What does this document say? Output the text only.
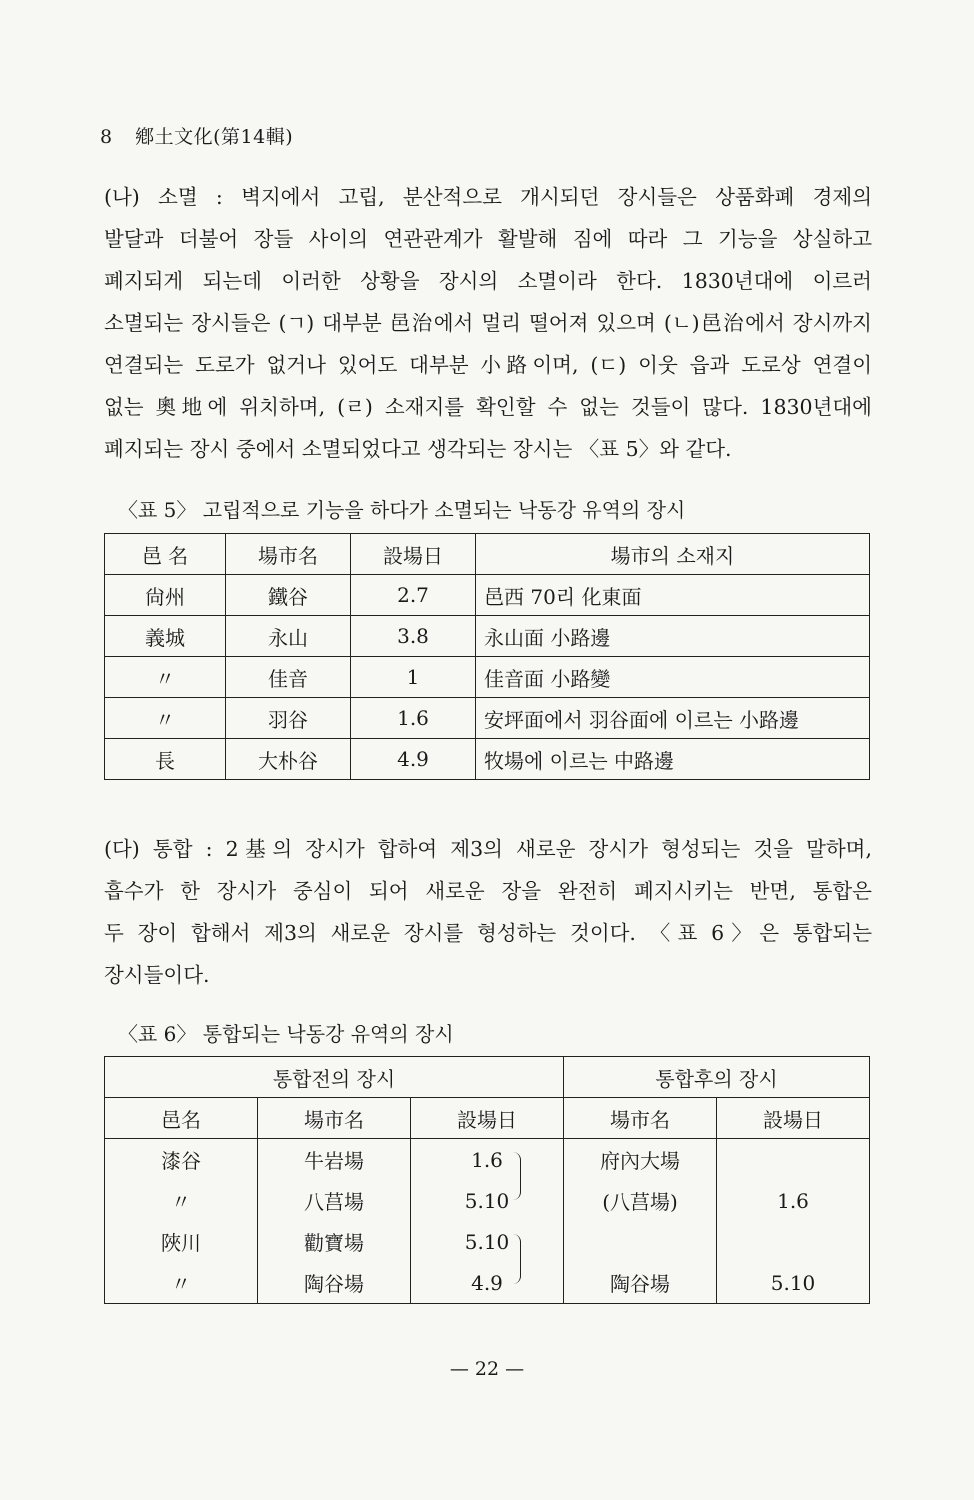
8 鄕土文化(第14輯)
(나) 소멸 : 벽지에서 고립, 분산적으로 개시되던 장시들은 상품화폐 경제의
발달과 더불어 장들 사이의 연관관계가 활발해 짐에 따라 그 기능을 상실하고
폐지되게 되는데 이러한 상황을 장시의 소멸이라 한다. 1830년대에 이르러
소멸되는 장시들은 (ㄱ) 대부분 邑治에서 멀리 떨어져 있으며 (ㄴ)邑治에서 장시까지
연결되는 도로가 없거나 있어도 대부분 小路이며, (ㄷ) 이웃 읍과 도로상 연결이
없는 奧地에 위치하며, (ㄹ) 소재지를 확인할 수 없는 것들이 많다. 1830년대에
폐지되는 장시 중에서 소멸되었다고 생각되는 장시는 〈표 5〉와 같다.
〈표 5〉 고립적으로 기능을 하다가 소멸되는 낙동강 유역의 장시
邑 名	場市名	設場日	場市의 소재지
尙州	鐵谷	2.7	邑西 70리 化東面
義城	永山	3.8	永山面 小路邊
〃	佳音	1	佳音面 小路變
〃	羽谷	1.6	安坪面에서 羽谷面에 이르는 小路邊
長	大朴谷	4.9	牧場에 이르는 中路邊
(다) 통합 : 2基의 장시가 합하여 제3의 새로운 장시가 형성되는 것을 말하며,
흡수가 한 장시가 중심이 되어 새로운 장을 완전히 폐지시키는 반면, 통합은
두 장이 합해서 제3의 새로운 장시를 형성하는 것이다. 〈표 6〉은 통합되는
장시들이다.
〈표 6〉 통합되는 낙동강 유역의 장시
통합전의 장시			통합후의 장시	
邑名	場市名	設場日	場市名	設場日
漆谷	牛岩場	1.6	府內大場	
〃	八莒場	5.10	(八莒場)	1.6
陜川	勸寶場	5.10		
〃	陶谷場	4.9	陶谷場	5.10
— 22 —
